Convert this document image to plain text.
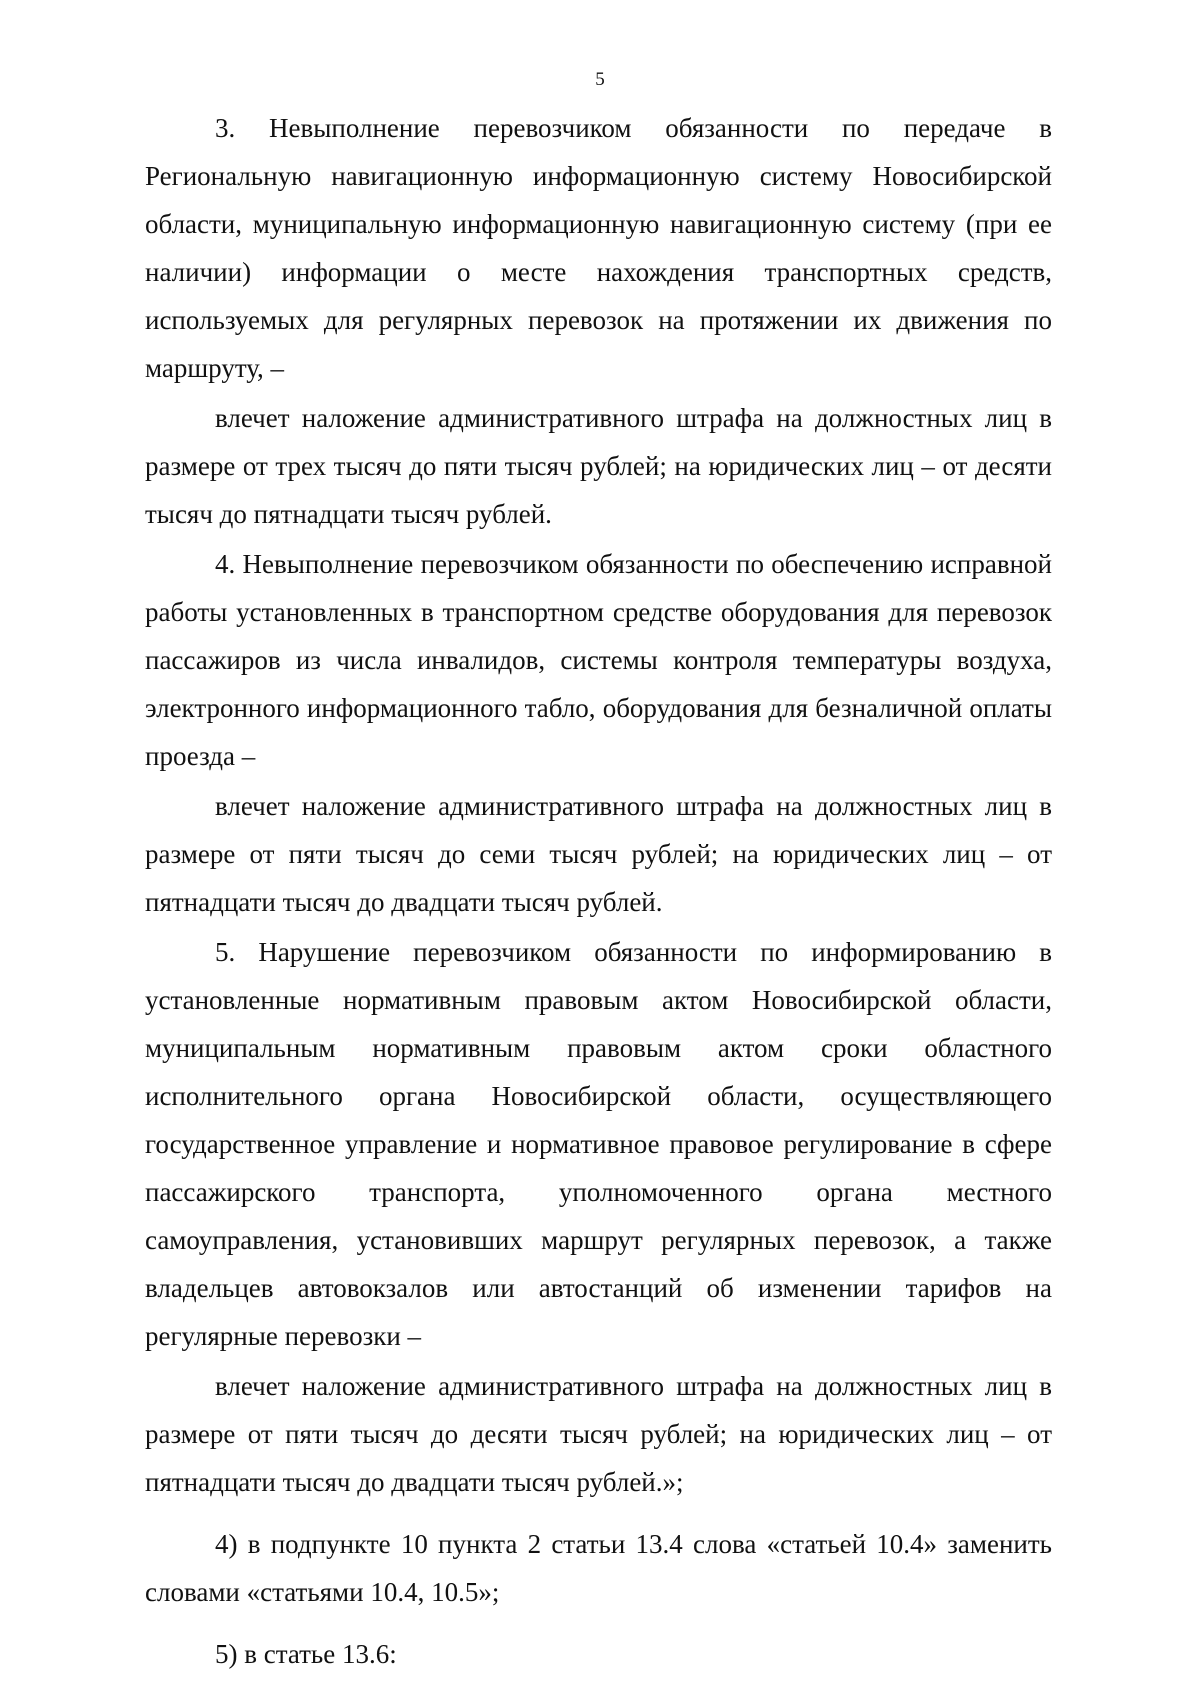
5

3. Невыполнение перевозчиком обязанности по передаче в Региональную навигационную информационную систему Новосибирской области, муниципальную информационную навигационную систему (при ее наличии) информации о месте нахождения транспортных средств, используемых для регулярных перевозок на протяжении их движения по маршруту, –

влечет наложение административного штрафа на должностных лиц в размере от трех тысяч до пяти тысяч рублей; на юридических лиц – от десяти тысяч до пятнадцати тысяч рублей.

4. Невыполнение перевозчиком обязанности по обеспечению исправной работы установленных в транспортном средстве оборудования для перевозок пассажиров из числа инвалидов, системы контроля температуры воздуха, электронного информационного табло, оборудования для безналичной оплаты проезда –

влечет наложение административного штрафа на должностных лиц в размере от пяти тысяч до семи тысяч рублей; на юридических лиц – от пятнадцати тысяч до двадцати тысяч рублей.

5. Нарушение перевозчиком обязанности по информированию в установленные нормативным правовым актом Новосибирской области, муниципальным нормативным правовым актом сроки областного исполнительного органа Новосибирской области, осуществляющего государственное управление и нормативное правовое регулирование в сфере пассажирского транспорта, уполномоченного органа местного самоуправления, установивших маршрут регулярных перевозок, а также владельцев автовокзалов или автостанций об изменении тарифов на регулярные перевозки –

влечет наложение административного штрафа на должностных лиц в размере от пяти тысяч до десяти тысяч рублей; на юридических лиц – от пятнадцати тысяч до двадцати тысяч рублей.»;

4) в подпункте 10 пункта 2 статьи 13.4 слова «статьей 10.4» заменить словами «статьями 10.4, 10.5»;

5) в статье 13.6:
